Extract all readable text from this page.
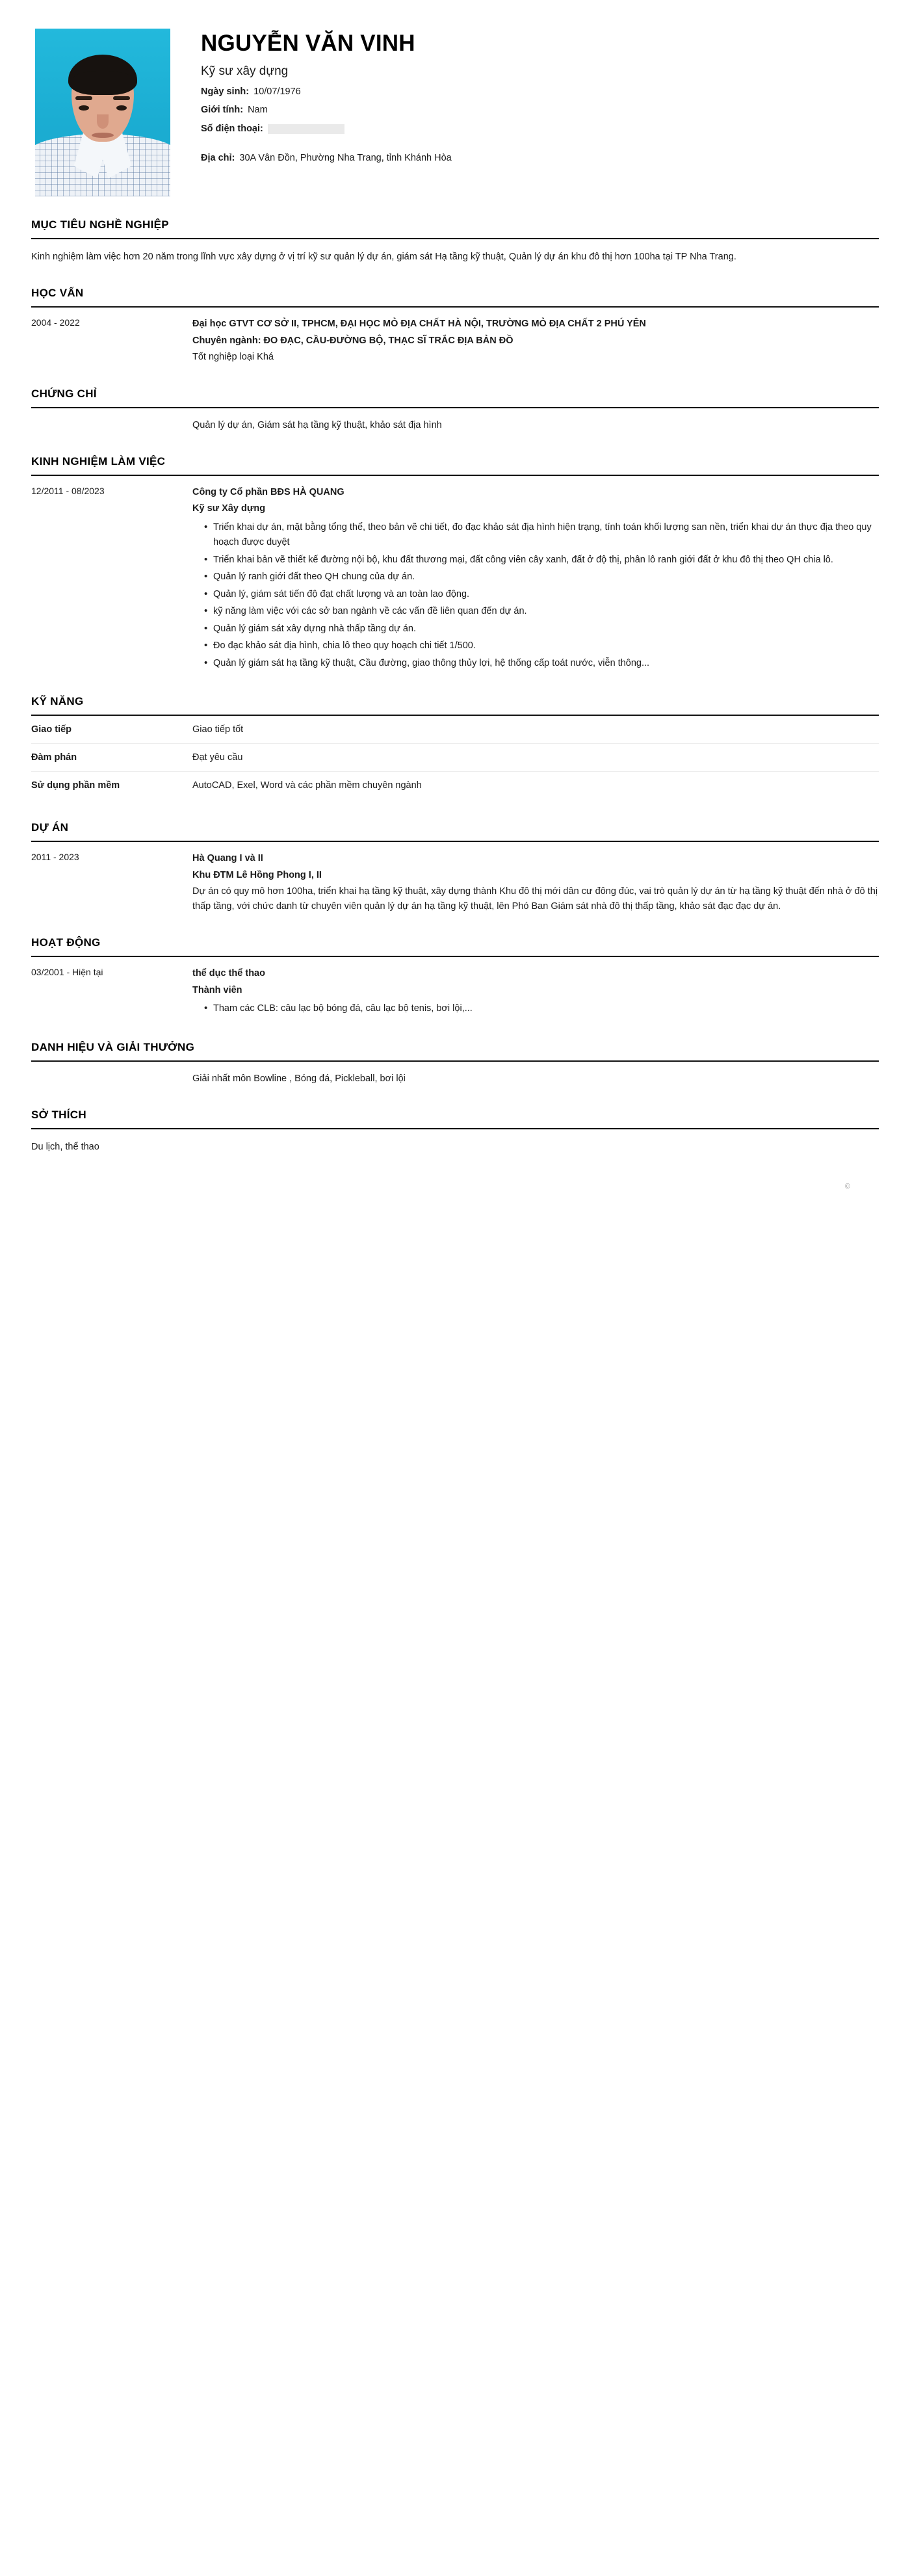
NGUYỄN VĂN VINH
Kỹ sư xây dựng
Ngày sinh: 10/07/1976
Giới tính: Nam
Số điện thoại:
Địa chỉ: 30A Vân Đồn, Phường Nha Trang, tỉnh Khánh Hòa
MỤC TIÊU NGHỀ NGHIỆP

Kinh nghiệm làm việc hơn 20 năm trong lĩnh vực xây dựng ở vị trí kỹ sư quản lý dự án, giám sát Hạ tầng kỹ thuật, Quản lý dự án khu đô thị hơn 100ha tại TP Nha Trang.

HỌC VẤN
2004 - 2022	Đại học GTVT CƠ SỞ II, TPHCM, ĐẠI HỌC MỎ ĐỊA CHẤT HÀ NỘI, TRƯỜNG MỎ ĐỊA CHẤT 2 PHÚ YÊN

Chuyên ngành: ĐO ĐẠC, CẦU-ĐƯỜNG BỘ, THẠC SĨ TRẮC ĐỊA BẢN ĐỒ

Tốt nghiệp loại Khá

CHỨNG CHỈ
Quản lý dự án, Giám sát hạ tầng kỹ thuật, khảo sát địa hình
KINH NGHIỆM LÀM VIỆC
12/2011 - 08/2023	Công ty Cổ phần BĐS HÀ QUANG

Kỹ sư Xây dựng

• Triển khai dự án, mặt bằng tổng thể, theo bản vẽ chi tiết, đo đạc khảo sát địa hình hiện trạng, tính toán khối lượng san nền, triển khai dự án thực địa theo quy hoạch được duyệt
• Triển khai bản vẽ thiết kế đường nội bộ, khu đất thương mại, đất công viên cây xanh, đất ở độ thị, phân lô ranh giới đất ở khu đô thị theo QH chia lô.
• Quản lý ranh giới đất theo QH chung của dự án.
• Quản lý, giám sát tiến độ đạt chất lượng và an toàn lao động.
• kỹ năng làm việc với các sở ban ngành về các vấn đề liên quan đến dự án.
• Quản lý giám sát xây dựng nhà thấp tầng dự án.
• Đo đạc khảo sát địa hình, chia lô theo quy hoạch chi tiết 1/500.
• Quản lý giám sát hạ tầng kỹ thuật, Cầu đường, giao thông thủy lợi, hệ thống cấp toát nước, viễn thông...
KỸ NĂNG
Giao tiếp	Giao tiếp tốt
Đàm phán	Đạt yêu cầu
Sử dụng phần mềm	AutoCAD, Exel, Word và các phần mềm chuyên ngành
DỰ ÁN
2011 - 2023	Hà Quang I và II

Khu ĐTM Lê Hồng Phong I, II

Dự án có quy mô hơn 100ha, triển khai hạ tầng kỹ thuật, xây dựng thành Khu đô thị mới dân cư đông đúc, vai trò quản lý dự án từ hạ tầng kỹ thuật đến nhà ở đô thị thấp tầng, với chức danh từ chuyên viên quản lý dự án hạ tầng kỹ thuật, lên Phó Ban Giám sát nhà đô thị thấp tầng, khảo sát đạc đạc dự án.

HOẠT ĐỘNG
03/2001 - Hiện tại	thể dục thể thao

Thành viên

• Tham các CLB: câu lạc bộ bóng đá, câu lạc bộ tenis, bơi lội,...
DANH HIỆU VÀ GIẢI THƯỞNG
Giải nhất môn Bowline , Bóng đá, Pickleball, bơi lội
SỞ THÍCH

Du lịch, thể thao

©
